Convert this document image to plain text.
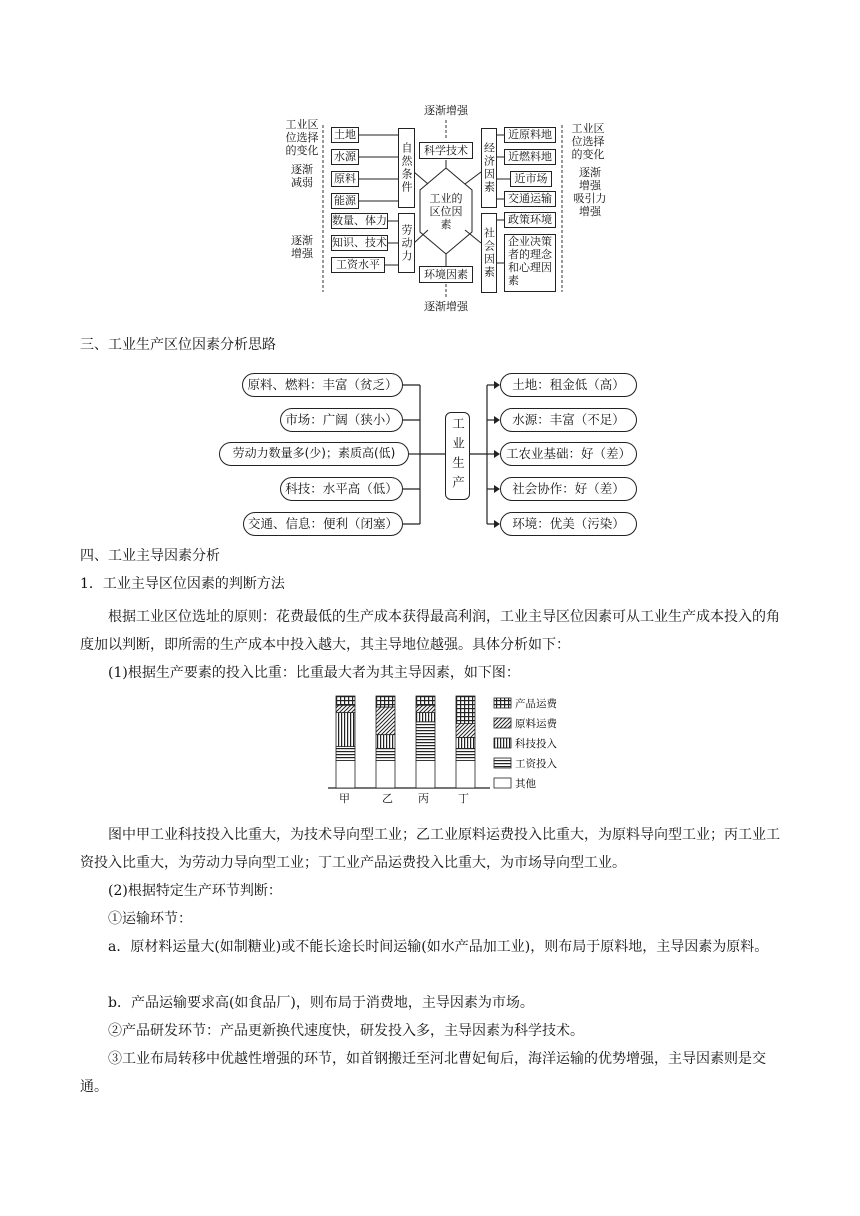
逐渐增强
逐渐增强
工业区
位选择
的变化
逐渐
减弱
逐渐
增强
工业区
位选择
的变化
逐渐
增强
吸引力
增强
土地
水源
原料
能源
自然条件
数量、体力
知识、技术
工资水平
劳动力
科学技术
工业的
区位因
素
环境因素
经济因素
近原料地
近燃料地
近市场
交通运输
社会因素
政策环境
企业决策
者的理念
和心理因
素
三、工业生产区位因素分析思路
工业生产
原料、燃料：丰富（贫乏）
市场：广阔（狭小）
劳动力数量多(少)；素质高(低)
科技：水平高（低）
交通、信息：便利（闭塞）
土地：租金低（高）
水源：丰富（不足）
工农业基础：好（差）
社会协作：好（差）
环境：优美（污染）
四、工业主导因素分析
1．工业主导区位因素的判断方法
根据工业区位选址的原则：花费最低的生产成本获得最高利润，工业主导区位因素可从工业生产成本投入的角度加以判断，即所需的生产成本中投入越大，其主导地位越强。具体分析如下：
(1)根据生产要素的投入比重：比重最大者为其主导因素，如下图：
产品运费
原料运费
科技投入
工资投入
其他
甲	乙 丙	丁
图中甲工业科技投入比重大，为技术导向型工业；乙工业原料运费投入比重大，为原料导向型工业；丙工业工资投入比重大，为劳动力导向型工业；丁工业产品运费投入比重大，为市场导向型工业。
(2)根据特定生产环节判断：
①运输环节：
a．原材料运量大(如制糖业)或不能长途长时间运输(如水产品加工业)，则布局于原料地，主导因素为原料。
b．产品运输要求高(如食品厂)，则布局于消费地，主导因素为市场。
②产品研发环节：产品更新换代速度快，研发投入多，主导因素为科学技术。
③工业布局转移中优越性增强的环节，如首钢搬迁至河北曹妃甸后，海洋运输的优势增强，主导因素则是交通。
